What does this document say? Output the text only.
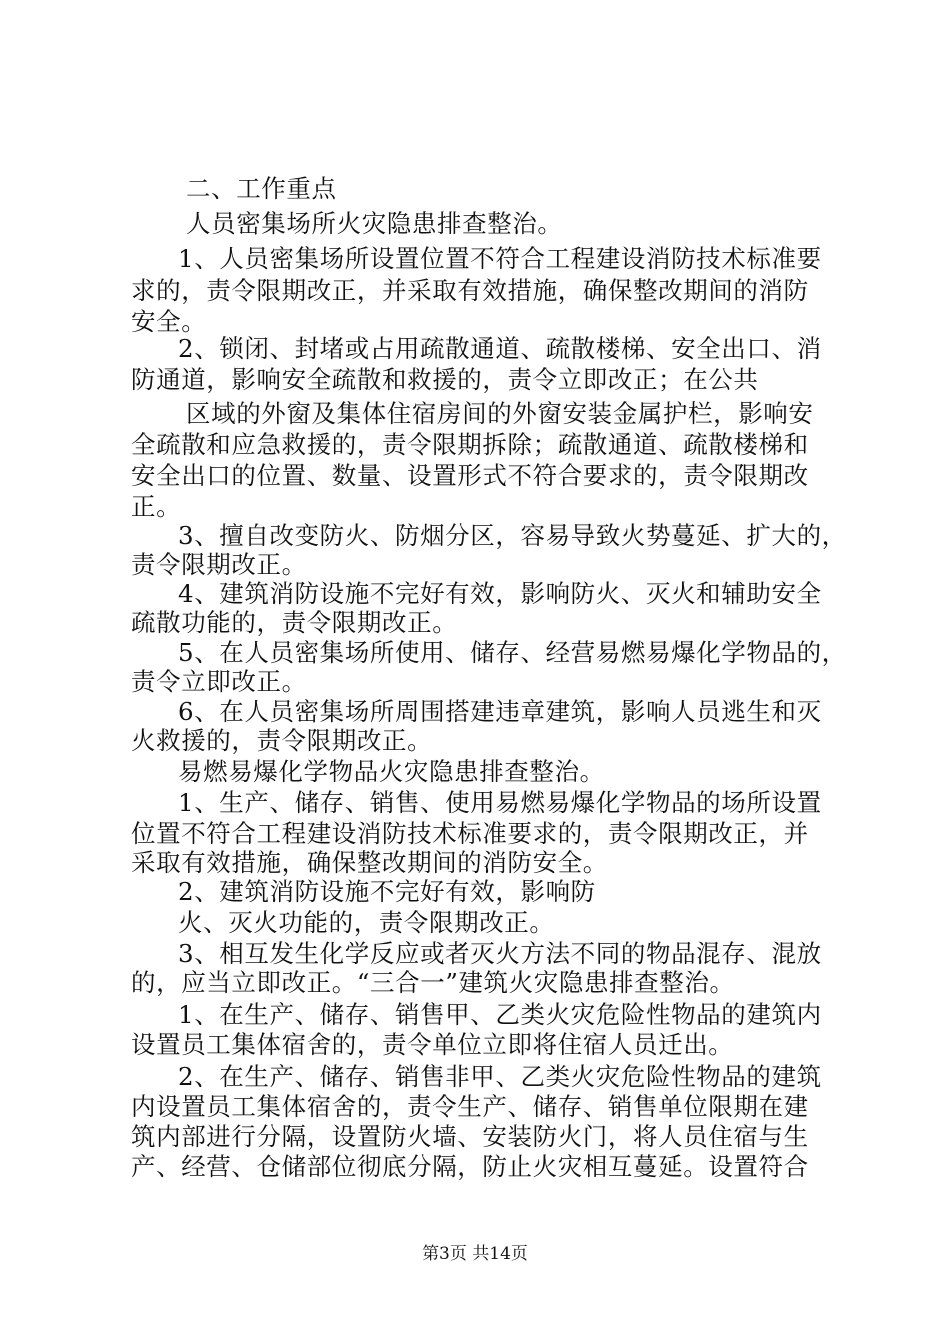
二、工作重点
人员密集场所火灾隐患排查整治。
1、人员密集场所设置位置不符合工程建设消防技术标准要
求的，责令限期改正，并采取有效措施，确保整改期间的消防
安全。
2、锁闭、封堵或占用疏散通道、疏散楼梯、安全出口、消
防通道，影响安全疏散和救援的，责令立即改正；在公共
区域的外窗及集体住宿房间的外窗安装金属护栏，影响安
全疏散和应急救援的，责令限期拆除；疏散通道、疏散楼梯和
安全出口的位置、数量、设置形式不符合要求的，责令限期改
正。
3、擅自改变防火、防烟分区，容易导致火势蔓延、扩大的，
责令限期改正。
4、建筑消防设施不完好有效，影响防火、灭火和辅助安全
疏散功能的，责令限期改正。
5、在人员密集场所使用、储存、经营易燃易爆化学物品的，
责令立即改正。
6、在人员密集场所周围搭建违章建筑，影响人员逃生和灭
火救援的，责令限期改正。
易燃易爆化学物品火灾隐患排查整治。
1、生产、储存、销售、使用易燃易爆化学物品的场所设置
位置不符合工程建设消防技术标准要求的，责令限期改正，并
采取有效措施，确保整改期间的消防安全。
2、建筑消防设施不完好有效，影响防
火、灭火功能的，责令限期改正。
3、相互发生化学反应或者灭火方法不同的物品混存、混放
的，应当立即改正。“三合一”建筑火灾隐患排查整治。
1、在生产、储存、销售甲、乙类火灾危险性物品的建筑内
设置员工集体宿舍的，责令单位立即将住宿人员迁出。
2、在生产、储存、销售非甲、乙类火灾危险性物品的建筑
内设置员工集体宿舍的，责令生产、储存、销售单位限期在建
筑内部进行分隔，设置防火墙、安装防火门，将人员住宿与生
产、经营、仓储部位彻底分隔，防止火灾相互蔓延。设置符合
第3页 共14页
